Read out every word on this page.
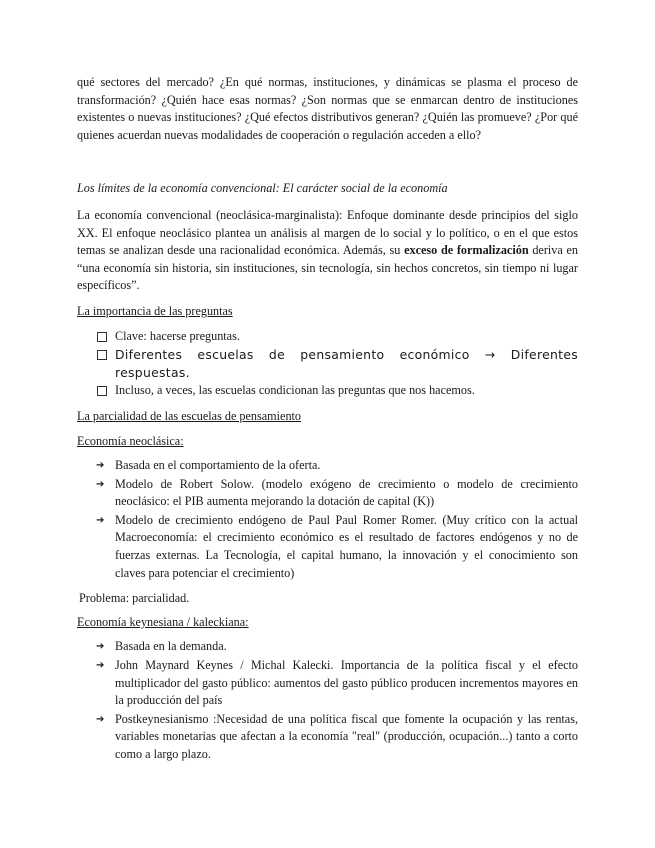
qué sectores del mercado? ¿En qué normas, instituciones, y dinámicas se plasma el proceso de transformación? ¿Quién hace esas normas? ¿Son normas que se enmarcan dentro de instituciones existentes o nuevas instituciones? ¿Qué efectos distributivos generan? ¿Quién las promueve? ¿Por qué quienes acuerdan nuevas modalidades de cooperación o regulación acceden a ello?

Los límites de la economía convencional: El carácter social de la economía

La economía convencional (neoclásica-marginalista): Enfoque dominante desde principios del siglo XX. El enfoque neoclásico plantea un análisis al margen de lo social y lo político, o en el que estos temas se analizan desde una racionalidad económica. Además, su exceso de formalización deriva en “una economía sin historia, sin instituciones, sin tecnología, sin hechos concretos, sin tiempo ni lugar específicos”.

La importancia de las preguntas

Clave: hacerse preguntas.
Diferentes escuelas de pensamiento económico → Diferentes respuestas.
Incluso, a veces, las escuelas condicionan las preguntas que nos hacemos.

La parcialidad de las escuelas de pensamiento

Economía neoclásica:

➔ Basada en el comportamiento de la oferta.
➔ Modelo de Robert Solow. (modelo exógeno de crecimiento o modelo de crecimiento neoclásico: el PIB aumenta mejorando la dotación de capital (K))
➔ Modelo de crecimiento endógeno de Paul Paul Romer Romer. (Muy crítico con la actual Macroeconomía: el crecimiento económico es el resultado de factores endógenos y no de fuerzas externas. La Tecnología, el capital humano, la innovación y el conocimiento son claves para potenciar el crecimiento)

Problema: parcialidad.

Economía keynesiana / kaleckiana:

➔ Basada en la demanda.
➔ John Maynard Keynes / Michal Kalecki. Importancia de la política fiscal y el efecto multiplicador del gasto público: aumentos del gasto público producen incrementos mayores en la producción del país
➔ Postkeynesianismo :Necesidad de una política fiscal que fomente la ocupación y las rentas, variables monetarias que afectan a la economía "real" (producción, ocupación...) tanto a corto como a largo plazo.
